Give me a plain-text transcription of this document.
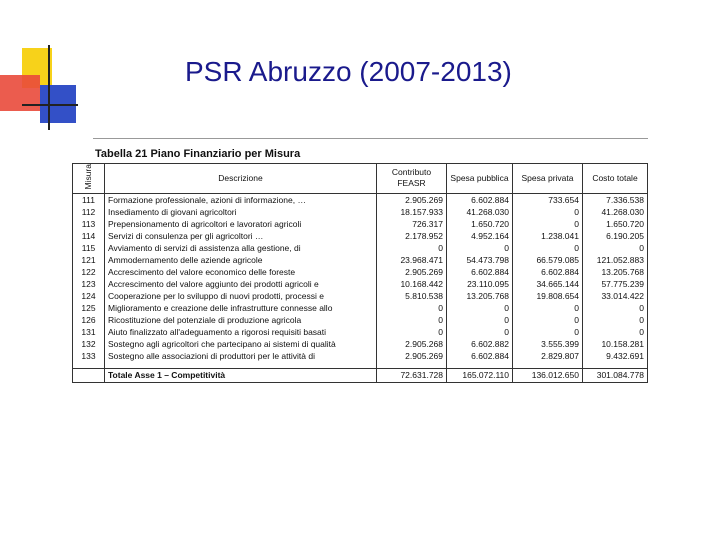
PSR Abruzzo (2007-2013)
Tabella 21 Piano Finanziario per Misura
Misura	Descrizione	Contributo FEASR	Spesa pubblica	Spesa privata	Costo totale
111	Formazione professionale, azioni di informazione, …	2.905.269	6.602.884	733.654	7.336.538
112	Insediamento di giovani agricoltori	18.157.933	41.268.030	0	41.268.030
113	Prepensionamento di agricoltori e lavoratori agricoli	726.317	1.650.720	0	1.650.720
114	Servizi di consulenza per gli agricoltori …	2.178.952	4.952.164	1.238.041	6.190.205
115	Avviamento di servizi di assistenza alla gestione, di	0	0	0	0
121	Ammodernamento delle aziende agricole	23.968.471	54.473.798	66.579.085	121.052.883
122	Accrescimento del valore economico delle foreste	2.905.269	6.602.884	6.602.884	13.205.768
123	Accrescimento del valore aggiunto dei prodotti agricoli e	10.168.442	23.110.095	34.665.144	57.775.239
124	Cooperazione per lo sviluppo di nuovi prodotti, processi e	5.810.538	13.205.768	19.808.654	33.014.422
125	Miglioramento e creazione delle infrastrutture connesse allo	0	0	0	0
126	Ricostituzione del potenziale di produzione agricola	0	0	0	0
131	Aiuto finalizzato all'adeguamento a rigorosi requisiti basati	0	0	0	0
132	Sostegno agli agricoltori che partecipano ai sistemi di qualità	2.905.268	6.602.882	3.555.399	10.158.281
133	Sostegno alle associazioni di produttori per le attività di	2.905.269	6.602.884	2.829.807	9.432.691

	Totale Asse 1 – Competitività	72.631.728	165.072.110	136.012.650	301.084.778
